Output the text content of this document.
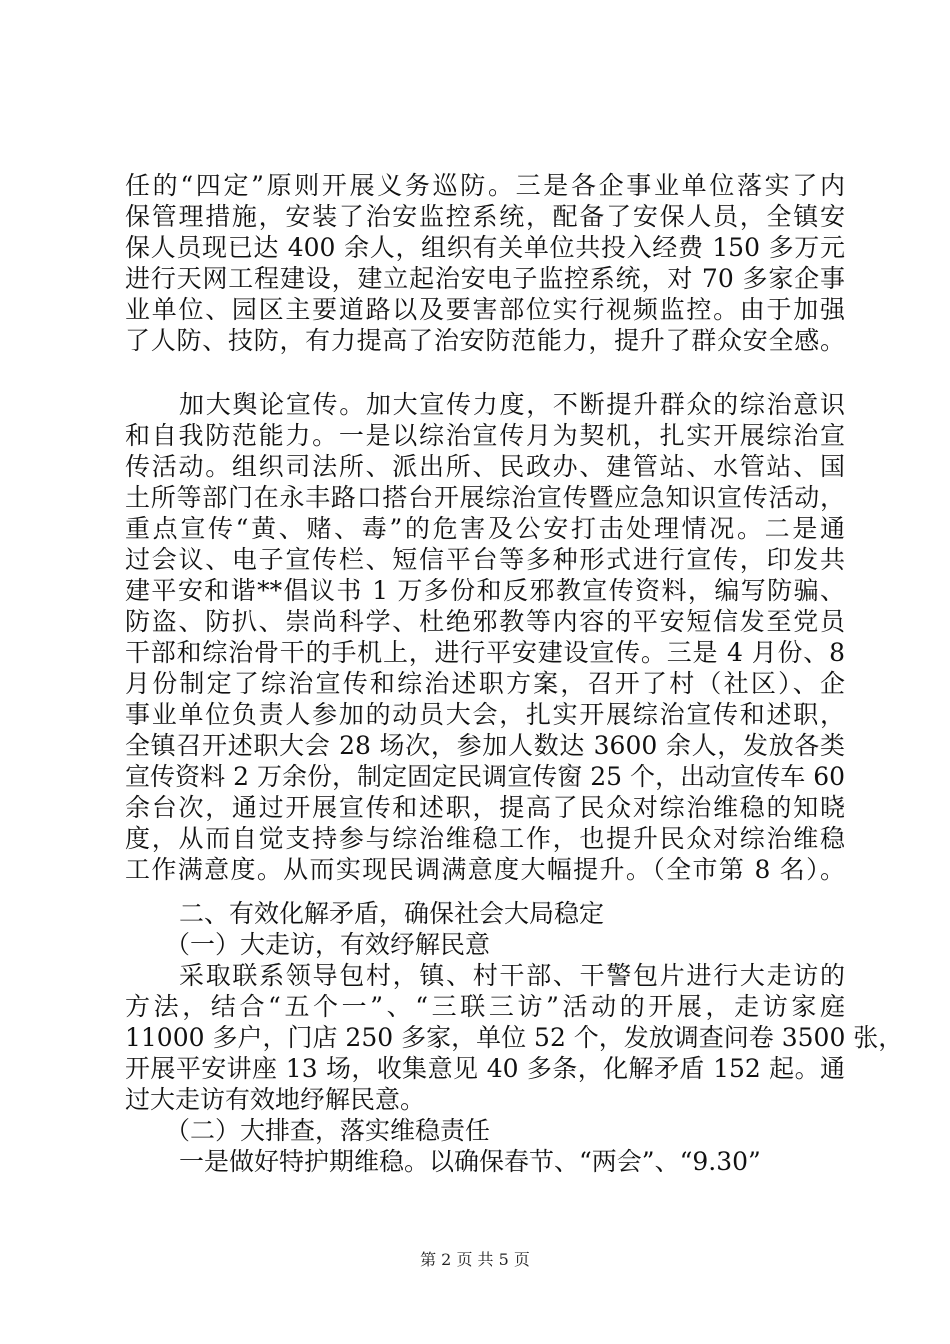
任的“四定”原则开展义务巡防。三是各企事业单位落实了内
保管理措施，安装了治安监控系统，配备了安保人员，全镇安
保人员现已达 400 余人，组织有关单位共投入经费 150 多万元
进行天网工程建设，建立起治安电子监控系统，对 70 多家企事
业单位、园区主要道路以及要害部位实行视频监控。由于加强
了人防、技防，有力提高了治安防范能力，提升了群众安全感。
加大舆论宣传。加大宣传力度，不断提升群众的综治意识
和自我防范能力。一是以综治宣传月为契机，扎实开展综治宣
传活动。组织司法所、派出所、民政办、建管站、水管站、国
土所等部门在永丰路口搭台开展综治宣传暨应急知识宣传活动，
重点宣传“黄、赌、毒”的危害及公安打击处理情况。二是通
过会议、电子宣传栏、短信平台等多种形式进行宣传，印发共
建平安和谐**倡议书 1 万多份和反邪教宣传资料，编写防骗、
防盗、防扒、崇尚科学、杜绝邪教等内容的平安短信发至党员
干部和综治骨干的手机上，进行平安建设宣传。三是 4 月份、8
月份制定了综治宣传和综治述职方案，召开了村（社区）、企
事业单位负责人参加的动员大会，扎实开展综治宣传和述职，
全镇召开述职大会 28 场次，参加人数达 3600 余人，发放各类
宣传资料 2 万余份，制定固定民调宣传窗 25 个，出动宣传车 60
余台次，通过开展宣传和述职，提高了民众对综治维稳的知晓
度，从而自觉支持参与综治维稳工作，也提升民众对综治维稳
工作满意度。从而实现民调满意度大幅提升。（全市第 8 名）。
二、有效化解矛盾，确保社会大局稳定
（一）大走访，有效纾解民意
采取联系领导包村，镇、村干部、干警包片进行大走访的
方法，结合“五个一”、“三联三访”活动的开展，走访家庭
11000 多户，门店 250 多家，单位 52 个，发放调查问卷 3500 张，
开展平安讲座 13 场，收集意见 40 多条，化解矛盾 152 起。通
过大走访有效地纾解民意。
（二）大排查，落实维稳责任
一是做好特护期维稳。以确保春节、“两会”、“9.30”
第 2 页 共 5 页
